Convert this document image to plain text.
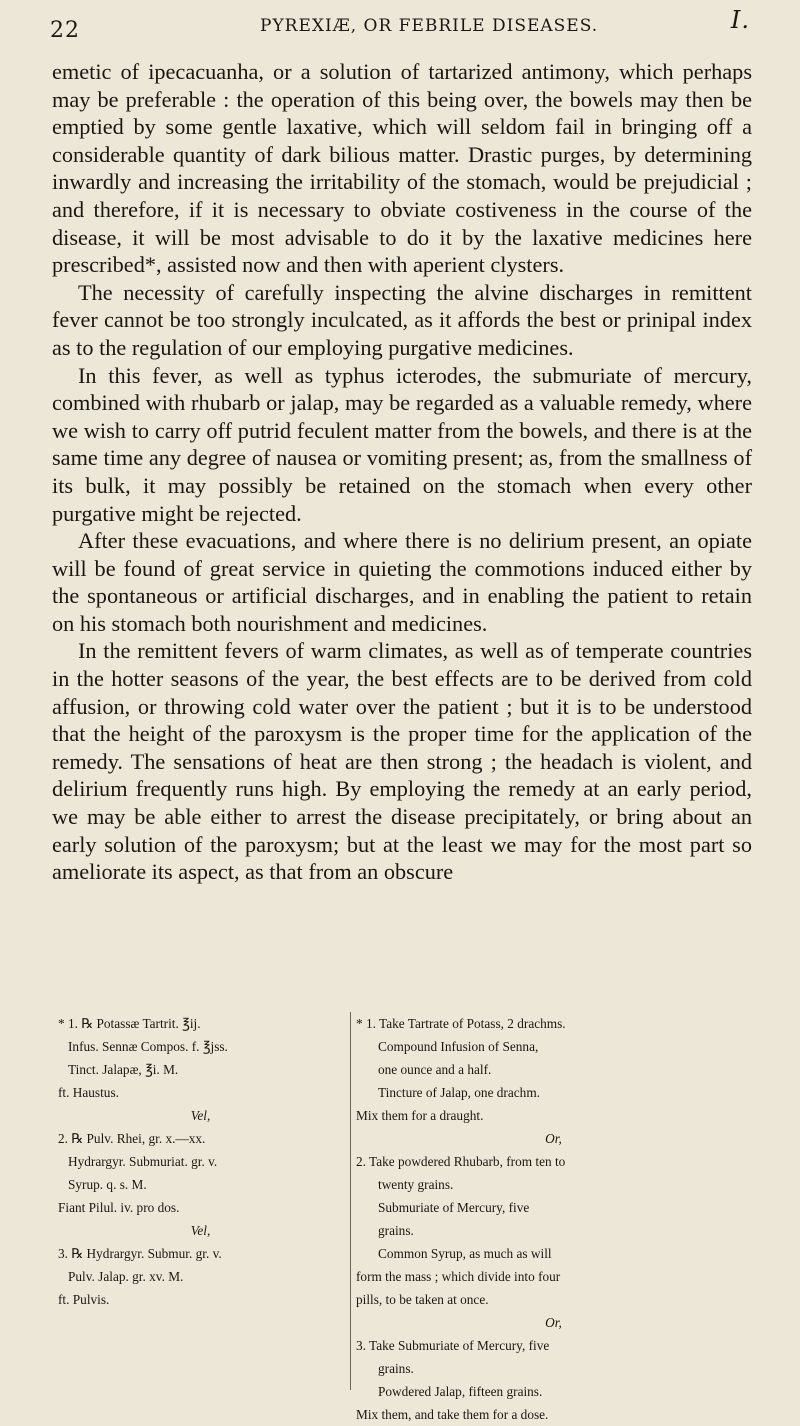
22	PYREXIÆ, OR FEBRILE DISEASES.	I.

emetic of ipecacuanha, or a solution of tartarized antimony, which perhaps may be preferable : the operation of this being over, the bowels may then be emptied by some gentle laxative, which will seldom fail in bringing off a considerable quantity of dark bilious matter. Drastic purges, by determining inwardly and increasing the irritability of the stomach, would be prejudicial ; and therefore, if it is necessary to obviate costiveness in the course of the disease, it will be most advisable to do it by the laxative medicines here prescribed*, assisted now and then with aperient clysters.

The necessity of carefully inspecting the alvine discharges in remittent fever cannot be too strongly inculcated, as it affords the best or prinipal index as to the regulation of our employing purgative medicines.

In this fever, as well as typhus icterodes, the submuriate of mercury, combined with rhubarb or jalap, may be regarded as a valuable remedy, where we wish to carry off putrid feculent matter from the bowels, and there is at the same time any degree of nausea or vomiting present; as, from the smallness of its bulk, it may possibly be retained on the stomach when every other purgative might be rejected.

After these evacuations, and where there is no delirium present, an opiate will be found of great service in quieting the commotions induced either by the spontaneous or artificial discharges, and in enabling the patient to retain on his stomach both nourishment and medicines.

In the remittent fevers of warm climates, as well as of temperate countries in the hotter seasons of the year, the best effects are to be derived from cold affusion, or throwing cold water over the patient ; but it is to be understood that the height of the paroxysm is the proper time for the application of the remedy. The sensations of heat are then strong ; the headach is violent, and delirium frequently runs high. By employing the remedy at an early period, we may be able either to arrest the disease precipitately, or bring about an early solution of the paroxysm; but at the least we may for the most part so ameliorate its aspect, as that from an obscure

* 1. ℞ Potassæ Tartrit. ℥ij.
Infus. Sennæ Compos. f. ℥jss.
Tinct. Jalapæ, ℥i. M.
ft. Haustus.
Vel,
2. ℞ Pulv. Rhei, gr. x.—xx.
Hydrargyr. Submuriat. gr. v.
Syrup. q. s. M.
Fiant Pilul. iv. pro dos.
Vel,
3. ℞ Hydrargyr. Submur. gr. v.
Pulv. Jalap. gr. xv. M.
ft. Pulvis.
* 1. Take Tartrate of Potass, 2 drachms.
Compound Infusion of Senna,
one ounce and a half.
Tincture of Jalap, one drachm.
Mix them for a draught.
Or,
2. Take powdered Rhubarb, from ten to
twenty grains.
Submuriate of Mercury, five
grains.
Common Syrup, as much as will
form the mass ; which divide into four
pills, to be taken at once.
Or,
3. Take Submuriate of Mercury, five
grains.
Powdered Jalap, fifteen grains.
Mix them, and take them for a dose.
